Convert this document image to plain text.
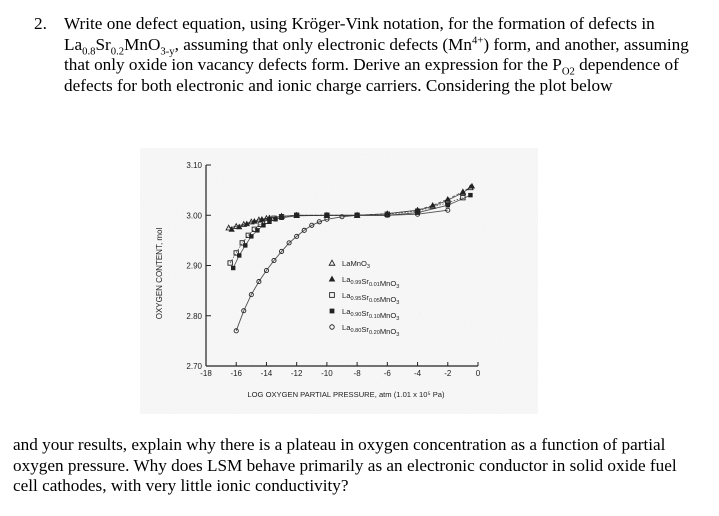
2. Write one defect equation, using Kröger-Vink notation, for the formation of defects in $La_{0.8}Sr_{0.2}MnO_{3-y}$, assuming that only electronic defects $(Mn^{4+})$ form, and another, assuming that only oxide ion vacancy defects form. Derive an expression for the $P_{O2}$ dependence of defects for both electronic and ionic charge carriers. Considering the plot below
3.10
3.00
2.90
2.80
2.70
-18 -16 -14 -12 -10	-8	-6	-4	-2	0
LOG OXYGEN PARTIAL PRESSURE, atm (1.01 x 10⁵ Pa)
OXYGEN CONTENT, mol	LaMnO$_3$
$La_{0.99}Sr_{0.01}MnO_3$
$La_{0.95}Sr_{0.05}MnO_3$
$La_{0.90}Sr_{0.10}MnO_3$
$La_{0.80}Sr_{0.20}MnO_3$
and your results, explain why there is a plateau in oxygen concentration as a function of partial oxygen pressure. Why does LSM behave primarily as an electronic conductor in solid oxide fuel cell cathodes, with very little ionic conductivity?
